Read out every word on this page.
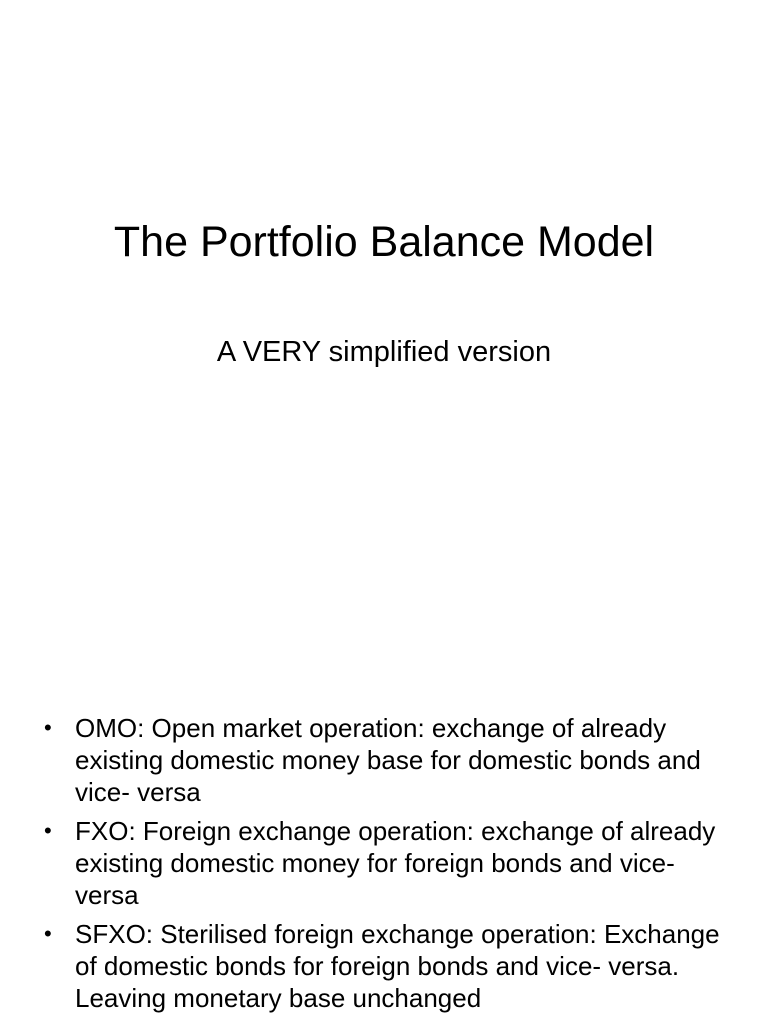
The Portfolio Balance Model

A VERY simplified version

• OMO: Open market operation: exchange of already existing domestic money base for domestic bonds and vice- versa
• FXO: Foreign exchange operation: exchange of already existing domestic money for foreign bonds and vice- versa
• SFXO: Sterilised foreign exchange operation: Exchange of domestic bonds for foreign bonds and vice- versa. Leaving monetary base unchanged
